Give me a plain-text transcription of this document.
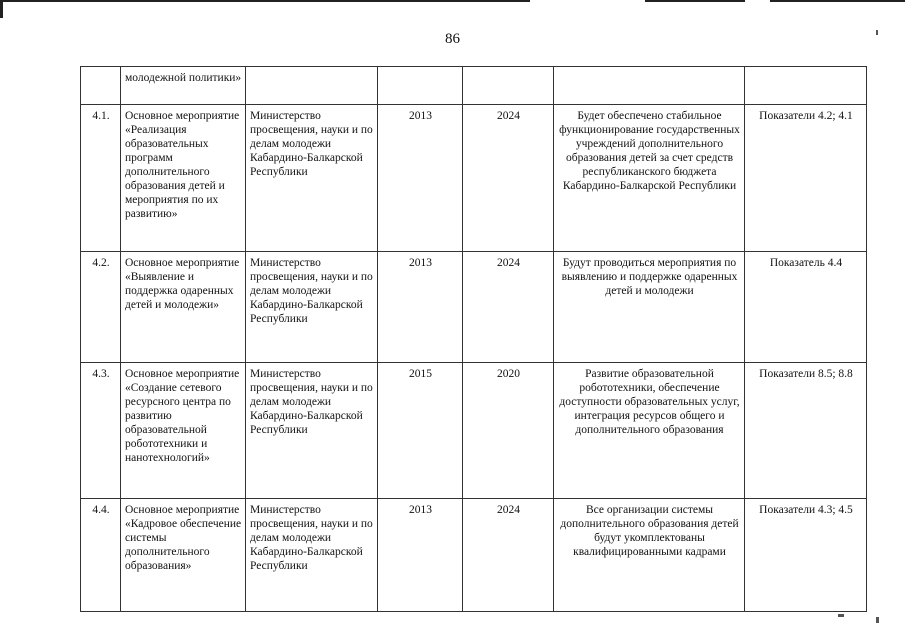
86
	молодежной политики»					
4.1.	Основное мероприятие «Реализация образовательных программ дополнительного образования детей и мероприятия по их развитию»	Министерство просвещения, науки и по делам молодежи Кабардино-Балкарской Республики	2013	2024	Будет обеспечено стабильное функционирование государственных учреждений дополнительного образования детей за счет средств республиканского бюджета Кабардино-Балкарской Республики	Показатели 4.2; 4.1
4.2.	Основное мероприятие «Выявление и поддержка одаренных детей и молодежи»	Министерство просвещения, науки и по делам молодежи Кабардино-Балкарской Республики	2013	2024	Будут проводиться мероприятия по выявлению и поддержке одаренных детей и молодежи	Показатель 4.4
4.3.	Основное мероприятие «Создание сетевого ресурсного центра по развитию образовательной робототехники и нанотехнологий»	Министерство просвещения, науки и по делам молодежи Кабардино-Балкарской Республики	2015	2020	Развитие образовательной робототехники, обеспечение доступности образовательных услуг, интеграция ресурсов общего и дополнительного образования	Показатели 8.5; 8.8
4.4.	Основное мероприятие «Кадровое обеспечение системы дополнительного образования»	Министерство просвещения, науки и по делам молодежи Кабардино-Балкарской Республики	2013	2024	Все организации системы дополнительного образования детей будут укомплектованы квалифицированными кадрами	Показатели 4.3; 4.5
